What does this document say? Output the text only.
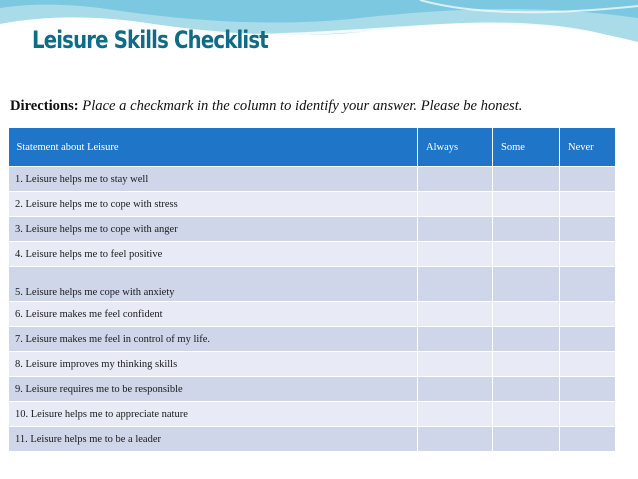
Leisure Skills Checklist

Directions: Place a checkmark in the column to identify your answer. Please be honest.

Statement about Leisure	Always	Some	Never
1. Leisure helps me to stay well			
2. Leisure helps me to cope with stress			
3. Leisure helps me to cope with anger			
4. Leisure helps me to feel positive			
5. Leisure helps me cope with anxiety			
6. Leisure makes me feel confident			
7. Leisure makes me feel in control of my life.			
8. Leisure improves my thinking skills			
9. Leisure requires me to be responsible			
10. Leisure helps me to appreciate nature			
11. Leisure helps me to be a leader			
